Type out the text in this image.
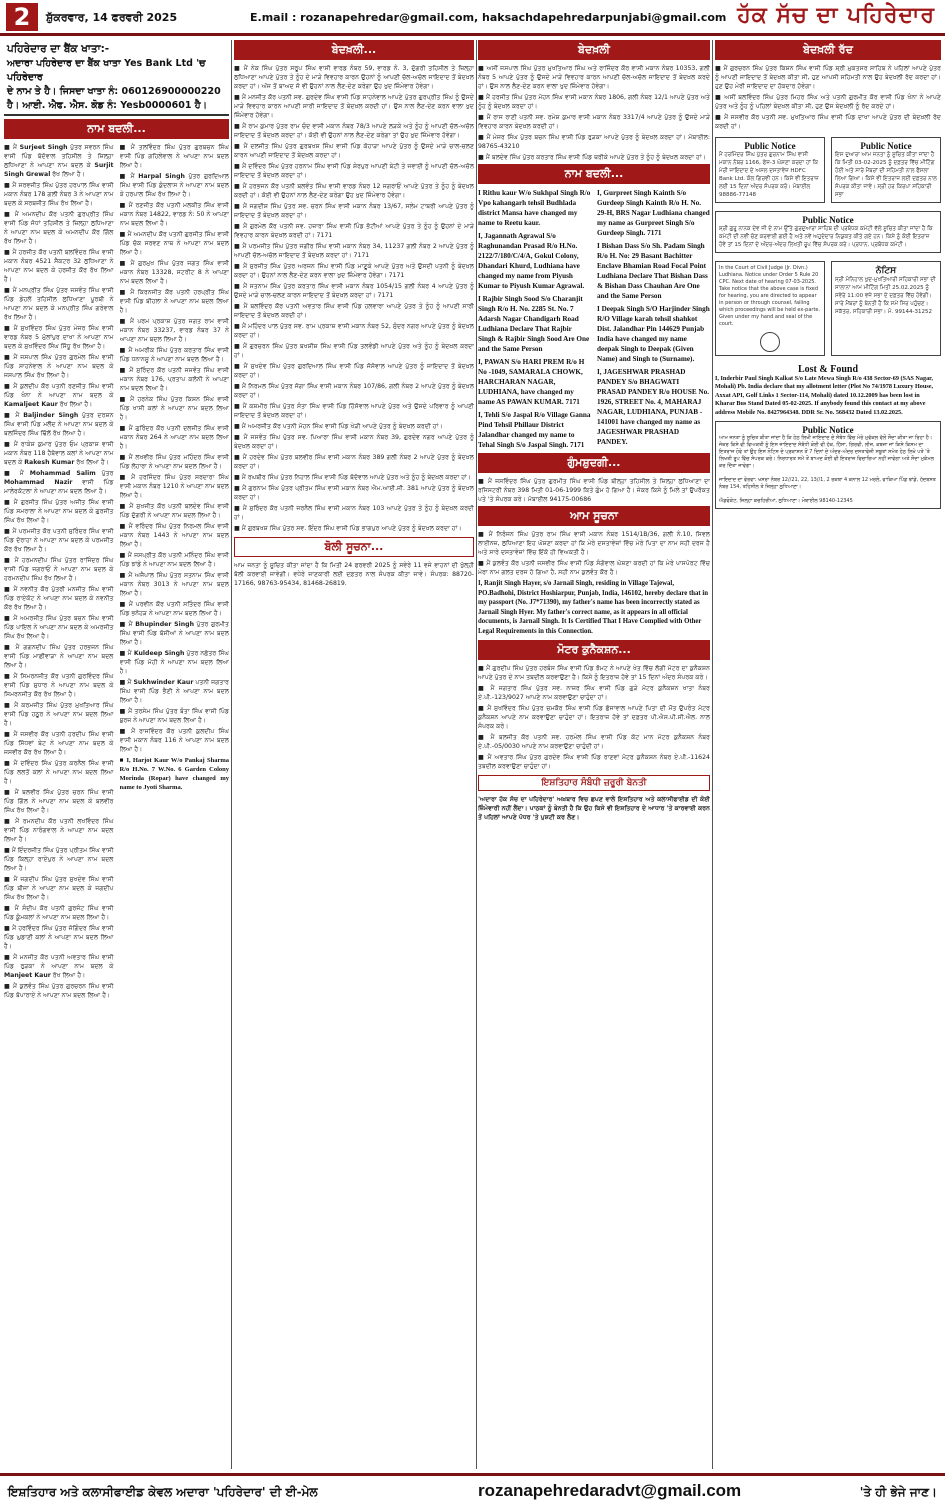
2	ਸ਼ੁੱਕਰਵਾਰ, 14 ਫਰਵਰੀ 2025	E.mail : rozanapehredar@gmail.com, haksachdapehredarpunjabi@gmail.com ਹੱਕ ਸੱਚ ਦਾ ਪਹਿਰੇਦਾਰ
ਪਹਿਰੇਦਾਰ ਦਾ ਬੈਂਕ ਖਾਤਾ:-
ਅਦਾਰਾ ਪਹਿਰੇਦਾਰ ਦਾ ਬੈਂਕ ਖਾਤਾ Yes Bank Ltd 'ਚ ਪਹਿਰੇਦਾਰ
ਦੇ ਨਾਮ ਤੇ ਹੈ। ਜਿਸਦਾ ਖਾਤਾ ਨੰ: 060126900000220
ਹੈ। ਆਈ. ਐਫ. ਐਸ. ਕੋਡ ਨੰ: Yesb0000601 ਹੈ।
ਨਾਮ ਬਦਲੀ...

■ ਮੈਂ Surjeet Singh ਪੁੱਤਰ ਸਵਰਨ ਸਿੰਘ ਵਾਸੀ ਪਿੰਡ ਬੱਦੋਵਾਲ ਤਹਿਸੀਲ ਤੇ ਜ਼ਿਲ੍ਹਾ ਲੁਧਿਆਣਾ ਨੇ ਆਪਣਾ ਨਾਮ ਬਦਲ ਕੇ Surjit Singh Grewal ਰੱਖ ਲਿਆ ਹੈ।

■ ਮੈਂ ਸਰਵਜੀਤ ਸਿੰਘ ਪੁੱਤਰ ਹਰਪਾਲ ਸਿੰਘ ਵਾਸੀ ਮਕਾਨ ਨੰਬਰ 178 ਗਲੀ ਨੰਬਰ 3 ਨੇ ਆਪਣਾ ਨਾਮ ਬਦਲ ਕੇ ਸਰਬਜੀਤ ਸਿੰਘ ਰੱਖ ਲਿਆ ਹੈ।

■ ਮੈਂ ਅਮਨਦੀਪ ਕੌਰ ਪਤਨੀ ਗੁਰਪ੍ਰੀਤ ਸਿੰਘ ਵਾਸੀ ਪਿੰਡ ਜੋਧਾਂ ਤਹਿਸੀਲ ਤੇ ਜ਼ਿਲ੍ਹਾ ਲੁਧਿਆਣਾ ਨੇ ਆਪਣਾ ਨਾਮ ਬਦਲ ਕੇ ਅਮਨਦੀਪ ਕੌਰ ਗਿੱਲ ਰੱਖ ਲਿਆ ਹੈ।

■ ਮੈਂ ਹਰਜੀਤ ਕੌਰ ਪਤਨੀ ਬਲਵਿੰਦਰ ਸਿੰਘ ਵਾਸੀ ਮਕਾਨ ਨੰਬਰ 4521 ਸੈਕਟਰ 32 ਲੁਧਿਆਣਾ ਨੇ ਆਪਣਾ ਨਾਮ ਬਦਲ ਕੇ ਹਰਜੀਤ ਕੌਰ ਰੱਖ ਲਿਆ ਹੈ।

■ ਮੈਂ ਮਨਪ੍ਰੀਤ ਸਿੰਘ ਪੁੱਤਰ ਜਸਵੰਤ ਸਿੰਘ ਵਾਸੀ ਪਿੰਡ ਡੇਹਲੋਂ ਤਹਿਸੀਲ ਲੁਧਿਆਣਾ ਪੂਰਬੀ ਨੇ ਆਪਣਾ ਨਾਮ ਬਦਲ ਕੇ ਮਨਪ੍ਰੀਤ ਸਿੰਘ ਗਰੇਵਾਲ ਰੱਖ ਲਿਆ ਹੈ।

■ ਮੈਂ ਸੁਖਵਿੰਦਰ ਸਿੰਘ ਪੁੱਤਰ ਮੇਜਰ ਸਿੰਘ ਵਾਸੀ ਵਾਰਡ ਨੰਬਰ 5 ਮੁੱਲਾਂਪੁਰ ਦਾਖਾ ਨੇ ਆਪਣਾ ਨਾਮ ਬਦਲ ਕੇ ਸੁਖਵਿੰਦਰ ਸਿੰਘ ਸਿੱਧੂ ਰੱਖ ਲਿਆ ਹੈ।

■ ਮੈਂ ਜਸਪਾਲ ਸਿੰਘ ਪੁੱਤਰ ਗੁਰਮੇਲ ਸਿੰਘ ਵਾਸੀ ਪਿੰਡ ਸਾਹਨੇਵਾਲ ਨੇ ਆਪਣਾ ਨਾਮ ਬਦਲ ਕੇ ਜਸਪਾਲ ਸਿੰਘ ਰੱਖ ਲਿਆ ਹੈ।

■ ਮੈਂ ਕੁਲਦੀਪ ਕੌਰ ਪਤਨੀ ਰਣਜੀਤ ਸਿੰਘ ਵਾਸੀ ਪਿੰਡ ਖੰਨਾ ਨੇ ਆਪਣਾ ਨਾਮ ਬਦਲ ਕੇ Kamaljeet Kaur ਰੱਖ ਲਿਆ ਹੈ।

■ ਮੈਂ Baljinder Singh ਪੁੱਤਰ ਦਰਸ਼ਨ ਸਿੰਘ ਵਾਸੀ ਪਿੰਡ ਮਲੌਦ ਨੇ ਆਪਣਾ ਨਾਮ ਬਦਲ ਕੇ ਬਲਜਿੰਦਰ ਸਿੰਘ ਢਿੱਲੋਂ ਰੱਖ ਲਿਆ ਹੈ।

■ ਮੈਂ ਰਾਕੇਸ਼ ਕੁਮਾਰ ਪੁੱਤਰ ਓਮ ਪ੍ਰਕਾਸ਼ ਵਾਸੀ ਮਕਾਨ ਨੰਬਰ 118 ਹੈਬੋਵਾਲ ਕਲਾਂ ਨੇ ਆਪਣਾ ਨਾਮ ਬਦਲ ਕੇ Rakesh Kumar ਰੱਖ ਲਿਆ ਹੈ।

■ ਮੈਂ Mohammad Salim ਪੁੱਤਰ Mohammad Nazir ਵਾਸੀ ਪਿੰਡ ਮਾਲੇਰਕੋਟਲਾ ਨੇ ਆਪਣਾ ਨਾਮ ਬਦਲ ਲਿਆ ਹੈ।

■ ਮੈਂ ਗੁਰਜੀਤ ਸਿੰਘ ਪੁੱਤਰ ਅਜੀਤ ਸਿੰਘ ਵਾਸੀ ਪਿੰਡ ਸਮਰਾਲਾ ਨੇ ਆਪਣਾ ਨਾਮ ਬਦਲ ਕੇ ਗੁਰਜੀਤ ਸਿੰਘ ਰੱਖ ਲਿਆ ਹੈ।

■ ਮੈਂ ਪਰਮਜੀਤ ਕੌਰ ਪਤਨੀ ਸੁਰਿੰਦਰ ਸਿੰਘ ਵਾਸੀ ਪਿੰਡ ਦੋਰਾਹਾ ਨੇ ਆਪਣਾ ਨਾਮ ਬਦਲ ਕੇ ਪਰਮਜੀਤ ਕੌਰ ਰੱਖ ਲਿਆ ਹੈ।

■ ਮੈਂ ਹਰਮਨਦੀਪ ਸਿੰਘ ਪੁੱਤਰ ਰਾਜਿੰਦਰ ਸਿੰਘ ਵਾਸੀ ਪਿੰਡ ਜਗਰਾਓਂ ਨੇ ਆਪਣਾ ਨਾਮ ਬਦਲ ਕੇ ਹਰਮਨਦੀਪ ਸਿੰਘ ਰੱਖ ਲਿਆ ਹੈ।

■ ਮੈਂ ਨਵਨੀਤ ਕੌਰ ਪੁੱਤਰੀ ਮਨਜੀਤ ਸਿੰਘ ਵਾਸੀ ਪਿੰਡ ਰਾਏਕੋਟ ਨੇ ਆਪਣਾ ਨਾਮ ਬਦਲ ਕੇ ਨਵਨੀਤ ਕੌਰ ਰੱਖ ਲਿਆ ਹੈ।

■ ਮੈਂ ਅਮਰਜੀਤ ਸਿੰਘ ਪੁੱਤਰ ਬਚਨ ਸਿੰਘ ਵਾਸੀ ਪਿੰਡ ਪਾਇਲ ਨੇ ਆਪਣਾ ਨਾਮ ਬਦਲ ਕੇ ਅਮਰਜੀਤ ਸਿੰਘ ਰੱਖ ਲਿਆ ਹੈ।

■ ਮੈਂ ਗਗਨਦੀਪ ਸਿੰਘ ਪੁੱਤਰ ਹਰਭਜਨ ਸਿੰਘ ਵਾਸੀ ਪਿੰਡ ਮਾਛੀਵਾੜਾ ਨੇ ਆਪਣਾ ਨਾਮ ਬਦਲ ਲਿਆ ਹੈ।

■ ਮੈਂ ਸਿਮਰਨਜੀਤ ਕੌਰ ਪਤਨੀ ਗੁਰਵਿੰਦਰ ਸਿੰਘ ਵਾਸੀ ਪਿੰਡ ਸੁਧਾਰ ਨੇ ਆਪਣਾ ਨਾਮ ਬਦਲ ਕੇ ਸਿਮਰਨਜੀਤ ਕੌਰ ਰੱਖ ਲਿਆ ਹੈ।

■ ਮੈਂ ਕਰਮਜੀਤ ਸਿੰਘ ਪੁੱਤਰ ਮੁਖਤਿਆਰ ਸਿੰਘ ਵਾਸੀ ਪਿੰਡ ਹਠੂਰ ਨੇ ਆਪਣਾ ਨਾਮ ਬਦਲ ਲਿਆ ਹੈ।

■ ਮੈਂ ਜਸਵੀਰ ਕੌਰ ਪਤਨੀ ਹਰਦੀਪ ਸਿੰਘ ਵਾਸੀ ਪਿੰਡ ਸਿੱਧਵਾਂ ਬੇਟ ਨੇ ਆਪਣਾ ਨਾਮ ਬਦਲ ਕੇ ਜਸਵੀਰ ਕੌਰ ਰੱਖ ਲਿਆ ਹੈ।

■ ਮੈਂ ਦਵਿੰਦਰ ਸਿੰਘ ਪੁੱਤਰ ਕਰਨੈਲ ਸਿੰਘ ਵਾਸੀ ਪਿੰਡ ਲਲਤੋਂ ਕਲਾਂ ਨੇ ਆਪਣਾ ਨਾਮ ਬਦਲ ਲਿਆ ਹੈ।

■ ਮੈਂ ਬਲਵੀਰ ਸਿੰਘ ਪੁੱਤਰ ਚਰਨ ਸਿੰਘ ਵਾਸੀ ਪਿੰਡ ਗਿੱਲ ਨੇ ਆਪਣਾ ਨਾਮ ਬਦਲ ਕੇ ਬਲਵੀਰ ਸਿੰਘ ਰੱਖ ਲਿਆ ਹੈ।

■ ਮੈਂ ਰਮਨਦੀਪ ਕੌਰ ਪਤਨੀ ਲਖਵਿੰਦਰ ਸਿੰਘ ਵਾਸੀ ਪਿੰਡ ਨਾਰੰਗਵਾਲ ਨੇ ਆਪਣਾ ਨਾਮ ਬਦਲ ਲਿਆ ਹੈ।

■ ਮੈਂ ਇੰਦਰਜੀਤ ਸਿੰਘ ਪੁੱਤਰ ਪ੍ਰੀਤਮ ਸਿੰਘ ਵਾਸੀ ਪਿੰਡ ਕਿਲ੍ਹਾ ਰਾਏਪੁਰ ਨੇ ਆਪਣਾ ਨਾਮ ਬਦਲ ਲਿਆ ਹੈ।

■ ਮੈਂ ਜਗਦੀਪ ਸਿੰਘ ਪੁੱਤਰ ਸੁਖਦੇਵ ਸਿੰਘ ਵਾਸੀ ਪਿੰਡ ਬੀਜਾ ਨੇ ਆਪਣਾ ਨਾਮ ਬਦਲ ਕੇ ਜਗਦੀਪ ਸਿੰਘ ਰੱਖ ਲਿਆ ਹੈ।

■ ਮੈਂ ਸੰਦੀਪ ਕੌਰ ਪਤਨੀ ਗੁਰਜੰਟ ਸਿੰਘ ਵਾਸੀ ਪਿੰਡ ਕੂੰਮਕਲਾਂ ਨੇ ਆਪਣਾ ਨਾਮ ਬਦਲ ਲਿਆ ਹੈ।

■ ਮੈਂ ਹਰਵਿੰਦਰ ਸਿੰਘ ਪੁੱਤਰ ਜੋਗਿੰਦਰ ਸਿੰਘ ਵਾਸੀ ਪਿੰਡ ਘੁਡਾਣੀ ਕਲਾਂ ਨੇ ਆਪਣਾ ਨਾਮ ਬਦਲ ਲਿਆ ਹੈ।

■ ਮੈਂ ਮਨਜੀਤ ਕੌਰ ਪਤਨੀ ਅਵਤਾਰ ਸਿੰਘ ਵਾਸੀ ਪਿੰਡ ਰੁੜਕਾ ਨੇ ਆਪਣਾ ਨਾਮ ਬਦਲ ਕੇ Manjeet Kaur ਰੱਖ ਲਿਆ ਹੈ।

■ ਮੈਂ ਕੁਲਵੰਤ ਸਿੰਘ ਪੁੱਤਰ ਗੁਰਚਰਨ ਸਿੰਘ ਵਾਸੀ ਪਿੰਡ ਬੋਪਾਰਾਏ ਨੇ ਆਪਣਾ ਨਾਮ ਬਦਲ ਲਿਆ ਹੈ।

■ ਮੈਂ ਤਲਵਿੰਦਰ ਸਿੰਘ ਪੁੱਤਰ ਗੁਰਬਚਨ ਸਿੰਘ ਵਾਸੀ ਪਿੰਡ ਗਹਿਲੇਵਾਲ ਨੇ ਆਪਣਾ ਨਾਮ ਬਦਲ ਲਿਆ ਹੈ।

■ ਮੈਂ Harpal Singh ਪੁੱਤਰ ਗੁਰਦਿਆਲ ਸਿੰਘ ਵਾਸੀ ਪਿੰਡ ਕੁੰਦਲਾਸ ਨੇ ਆਪਣਾ ਨਾਮ ਬਦਲ ਕੇ ਹਰਪਾਲ ਸਿੰਘ ਰੱਖ ਲਿਆ ਹੈ।

■ ਮੈਂ ਰਣਜੀਤ ਕੌਰ ਪਤਨੀ ਮਲਕੀਤ ਸਿੰਘ ਵਾਸੀ ਮਕਾਨ ਨੰਬਰ 14822, ਵਾਰਡ ਨੰ: 50 ਨੇ ਆਪਣਾ ਨਾਮ ਬਦਲ ਲਿਆ ਹੈ।

■ ਮੈਂ ਅਮਨਦੀਪ ਕੌਰ ਪਤਨੀ ਗੁਰਜੀਤ ਸਿੰਘ ਵਾਸੀ ਪਿੰਡ ਚੱਕ ਸਰਵਣ ਨਾਥ ਨੇ ਆਪਣਾ ਨਾਮ ਬਦਲ ਲਿਆ ਹੈ।

■ ਮੈਂ ਗੁਰਮੁਖ ਸਿੰਘ ਪੁੱਤਰ ਜਗਤ ਸਿੰਘ ਵਾਸੀ ਮਕਾਨ ਨੰਬਰ 13328, ਸਟਰੀਟ 8 ਨੇ ਆਪਣਾ ਨਾਮ ਬਦਲ ਲਿਆ ਹੈ।

■ ਮੈਂ ਕਿਰਨਜੀਤ ਕੌਰ ਪਤਨੀ ਹਰਪ੍ਰੀਤ ਸਿੰਘ ਵਾਸੀ ਪਿੰਡ ਬੀਹਲਾ ਨੇ ਆਪਣਾ ਨਾਮ ਬਦਲ ਲਿਆ ਹੈ।

■ ਮੈਂ ਪਰਮ ਪ੍ਰਕਾਸ਼ ਪੁੱਤਰ ਜਗਤ ਰਾਮ ਵਾਸੀ ਮਕਾਨ ਨੰਬਰ 33237, ਵਾਰਡ ਨੰਬਰ 37 ਨੇ ਆਪਣਾ ਨਾਮ ਬਦਲ ਲਿਆ ਹੈ।

■ ਮੈਂ ਅਮਰੀਕ ਸਿੰਘ ਪੁੱਤਰ ਕਰਤਾਰ ਸਿੰਘ ਵਾਸੀ ਪਿੰਡ ਧਨਾਨਸੂ ਨੇ ਆਪਣਾ ਨਾਮ ਬਦਲ ਲਿਆ ਹੈ।

■ ਮੈਂ ਸੁਰਿੰਦਰ ਕੌਰ ਪਤਨੀ ਜਸਵੰਤ ਸਿੰਘ ਵਾਸੀ ਮਕਾਨ ਨੰਬਰ 176, ਪ੍ਰਤਾਪ ਕਲੋਨੀ ਨੇ ਆਪਣਾ ਨਾਮ ਬਦਲ ਲਿਆ ਹੈ।

■ ਮੈਂ ਹਰਨੇਕ ਸਿੰਘ ਪੁੱਤਰ ਕਿਸ਼ਨ ਸਿੰਘ ਵਾਸੀ ਪਿੰਡ ਖਾਸੀ ਕਲਾਂ ਨੇ ਆਪਣਾ ਨਾਮ ਬਦਲ ਲਿਆ ਹੈ।

■ ਮੈਂ ਗੁਰਿੰਦਰ ਕੌਰ ਪਤਨੀ ਦਲਜੀਤ ਸਿੰਘ ਵਾਸੀ ਮਕਾਨ ਨੰਬਰ 264 ਨੇ ਆਪਣਾ ਨਾਮ ਬਦਲ ਲਿਆ ਹੈ।

■ ਮੈਂ ਲਖਵੀਰ ਸਿੰਘ ਪੁੱਤਰ ਮਹਿੰਦਰ ਸਿੰਘ ਵਾਸੀ ਪਿੰਡ ਲੋਹਾਰਾ ਨੇ ਆਪਣਾ ਨਾਮ ਬਦਲ ਲਿਆ ਹੈ।

■ ਮੈਂ ਹਰਜਿੰਦਰ ਸਿੰਘ ਪੁੱਤਰ ਸਰਦਾਰਾ ਸਿੰਘ ਵਾਸੀ ਮਕਾਨ ਨੰਬਰ 1210 ਨੇ ਆਪਣਾ ਨਾਮ ਬਦਲ ਲਿਆ ਹੈ।

■ ਮੈਂ ਸੁਖਜੀਤ ਕੌਰ ਪਤਨੀ ਬਲਦੇਵ ਸਿੰਘ ਵਾਸੀ ਪਿੰਡ ਦੁੱਗਰੀ ਨੇ ਆਪਣਾ ਨਾਮ ਬਦਲ ਲਿਆ ਹੈ।

■ ਮੈਂ ਵਰਿੰਦਰ ਸਿੰਘ ਪੁੱਤਰ ਨਿਰਮਲ ਸਿੰਘ ਵਾਸੀ ਮਕਾਨ ਨੰਬਰ 1443 ਨੇ ਆਪਣਾ ਨਾਮ ਬਦਲ ਲਿਆ ਹੈ।

■ ਮੈਂ ਜਸਪ੍ਰੀਤ ਕੌਰ ਪਤਨੀ ਮਨਿੰਦਰ ਸਿੰਘ ਵਾਸੀ ਪਿੰਡ ਝਾਂਡੇ ਨੇ ਆਪਣਾ ਨਾਮ ਬਦਲ ਲਿਆ ਹੈ।

■ ਮੈਂ ਅਜੈਪਾਲ ਸਿੰਘ ਪੁੱਤਰ ਸਤਨਾਮ ਸਿੰਘ ਵਾਸੀ ਮਕਾਨ ਨੰਬਰ 3013 ਨੇ ਆਪਣਾ ਨਾਮ ਬਦਲ ਲਿਆ ਹੈ।

■ ਮੈਂ ਪਰਵੀਨ ਕੌਰ ਪਤਨੀ ਸਤਿੰਦਰ ਸਿੰਘ ਵਾਸੀ ਪਿੰਡ ਭਨੋਹੜ ਨੇ ਆਪਣਾ ਨਾਮ ਬਦਲ ਲਿਆ ਹੈ।

■ ਮੈਂ Bhupinder Singh ਪੁੱਤਰ ਗੁਰਮੀਤ ਸਿੰਘ ਵਾਸੀ ਪਿੰਡ ਬੱਸੀਆਂ ਨੇ ਆਪਣਾ ਨਾਮ ਬਦਲ ਲਿਆ ਹੈ।

■ ਮੈਂ Kuldeep Singh ਪੁੱਤਰ ਨਛੱਤਰ ਸਿੰਘ ਵਾਸੀ ਪਿੰਡ ਮੋਹੀ ਨੇ ਆਪਣਾ ਨਾਮ ਬਦਲ ਲਿਆ ਹੈ।

■ ਮੈਂ Sukhwinder Kaur ਪਤਨੀ ਜਗਤਾਰ ਸਿੰਘ ਵਾਸੀ ਪਿੰਡ ਭੈਣੀ ਨੇ ਆਪਣਾ ਨਾਮ ਬਦਲ ਲਿਆ ਹੈ।

■ ਮੈਂ ਤਰਸੇਮ ਸਿੰਘ ਪੁੱਤਰ ਬੰਤਾ ਸਿੰਘ ਵਾਸੀ ਪਿੰਡ ਬੁਰਜ ਨੇ ਆਪਣਾ ਨਾਮ ਬਦਲ ਲਿਆ ਹੈ।

■ ਮੈਂ ਰਾਜਵਿੰਦਰ ਕੌਰ ਪਤਨੀ ਕੁਲਦੀਪ ਸਿੰਘ ਵਾਸੀ ਮਕਾਨ ਨੰਬਰ 116 ਨੇ ਆਪਣਾ ਨਾਮ ਬਦਲ ਲਿਆ ਹੈ।

■ I, Harjot Kaur W/o Pankaj Sharma R/o H.No. 7 W.No. 6 Garden Colony Morinda (Ropar) have changed my name to Jyoti Sharma.

ਬੇਦਖ਼ਲੀ...

■ ਮੈਂ ਨੇਕ ਸਿੰਘ ਪੁੱਤਰ ਸਰੂਪ ਸਿੰਘ ਵਾਸੀ ਵਾਰਡ ਨੰਬਰ 59, ਵਾਰਡ ਨੰ. 3, ਦੁੱਗਰੀ ਤਹਿਸੀਲ ਤੇ ਜ਼ਿਲ੍ਹਾ ਲੁਧਿਆਣਾ ਆਪਣੇ ਪੁੱਤਰ ਤੇ ਨੂੰਹ ਦੇ ਮਾੜੇ ਵਿਵਹਾਰ ਕਾਰਨ ਉਹਨਾਂ ਨੂੰ ਆਪਣੀ ਚੱਲ-ਅਚੱਲ ਜਾਇਦਾਦ ਤੋਂ ਬੇਦਖ਼ਲ ਕਰਦਾ ਹਾਂ। ਅੱਜ ਤੋਂ ਬਾਅਦ ਜੋ ਵੀ ਉਹਨਾਂ ਨਾਲ ਲੈਣ-ਦੇਣ ਕਰੇਗਾ ਉਹ ਖੁਦ ਜ਼ਿੰਮੇਵਾਰ ਹੋਵੇਗਾ।

■ ਮੈਂ ਮਨਜੀਤ ਕੌਰ ਪਤਨੀ ਸਵ. ਗੁਰਦੇਵ ਸਿੰਘ ਵਾਸੀ ਪਿੰਡ ਸਾਹਨੇਵਾਲ ਆਪਣੇ ਪੁੱਤਰ ਗੁਰਪ੍ਰੀਤ ਸਿੰਘ ਨੂੰ ਉਸਦੇ ਮਾੜੇ ਵਿਵਹਾਰ ਕਾਰਨ ਆਪਣੀ ਸਾਰੀ ਜਾਇਦਾਦ ਤੋਂ ਬੇਦਖ਼ਲ ਕਰਦੀ ਹਾਂ। ਉਸ ਨਾਲ ਲੈਣ-ਦੇਣ ਕਰਨ ਵਾਲਾ ਖੁਦ ਜ਼ਿੰਮੇਵਾਰ ਹੋਵੇਗਾ।

■ ਮੈਂ ਰਾਮ ਕੁਮਾਰ ਪੁੱਤਰ ਰਾਮ ਚੰਦ ਵਾਸੀ ਮਕਾਨ ਨੰਬਰ 78/3 ਆਪਣੇ ਲੜਕੇ ਅਤੇ ਨੂੰਹ ਨੂੰ ਆਪਣੀ ਚੱਲ-ਅਚੱਲ ਜਾਇਦਾਦ ਤੋਂ ਬੇਦਖ਼ਲ ਕਰਦਾ ਹਾਂ। ਕੋਈ ਵੀ ਉਹਨਾਂ ਨਾਲ ਲੈਣ-ਦੇਣ ਕਰੇਗਾ ਤਾਂ ਉਹ ਖੁਦ ਜ਼ਿੰਮੇਵਾਰ ਹੋਵੇਗਾ।

■ ਮੈਂ ਦਲਜੀਤ ਸਿੰਘ ਪੁੱਤਰ ਗੁਰਬਖਸ਼ ਸਿੰਘ ਵਾਸੀ ਪਿੰਡ ਕੋਹਾੜਾ ਆਪਣੇ ਪੁੱਤਰ ਨੂੰ ਉਸਦੇ ਮਾੜੇ ਚਾਲ-ਚਲਣ ਕਾਰਨ ਆਪਣੀ ਜਾਇਦਾਦ ਤੋਂ ਬੇਦਖ਼ਲ ਕਰਦਾ ਹਾਂ।

■ ਮੈਂ ਦਵਿੰਦਰ ਸਿੰਘ ਪੁੱਤਰ ਹਰਨਾਮ ਸਿੰਘ ਵਾਸੀ ਪਿੰਡ ਸ਼ੇਰਪੁਰ ਆਪਣੀ ਬੇਟੀ ਤੇ ਜਵਾਈ ਨੂੰ ਆਪਣੀ ਚੱਲ-ਅਚੱਲ ਜਾਇਦਾਦ ਤੋਂ ਬੇਦਖ਼ਲ ਕਰਦਾ ਹਾਂ।

■ ਮੈਂ ਹਰਭਜਨ ਕੌਰ ਪਤਨੀ ਬਲਵੰਤ ਸਿੰਘ ਵਾਸੀ ਵਾਰਡ ਨੰਬਰ 12 ਜਗਰਾਓਂ ਆਪਣੇ ਪੁੱਤਰ ਤੇ ਨੂੰਹ ਨੂੰ ਬੇਦਖ਼ਲ ਕਰਦੀ ਹਾਂ। ਕੋਈ ਵੀ ਉਹਨਾਂ ਨਾਲ ਲੈਣ-ਦੇਣ ਕਰੇਗਾ ਉਹ ਖੁਦ ਜ਼ਿੰਮੇਵਾਰ ਹੋਵੇਗਾ।

■ ਮੈਂ ਜਗਦੀਸ਼ ਸਿੰਘ ਪੁੱਤਰ ਸਵ. ਚਰਨ ਸਿੰਘ ਵਾਸੀ ਮਕਾਨ ਨੰਬਰ 13/67, ਸਲੇਮ ਟਾਬਰੀ ਆਪਣੇ ਪੁੱਤਰ ਨੂੰ ਜਾਇਦਾਦ ਤੋਂ ਬੇਦਖ਼ਲ ਕਰਦਾ ਹਾਂ।

■ ਮੈਂ ਗੁਰਮੇਲ ਕੌਰ ਪਤਨੀ ਸਵ. ਹਜ਼ਾਰਾ ਸਿੰਘ ਵਾਸੀ ਪਿੰਡ ਭੱਟੀਆਂ ਆਪਣੇ ਪੁੱਤਰ ਤੇ ਨੂੰਹ ਨੂੰ ਉਹਨਾਂ ਦੇ ਮਾੜੇ ਵਿਵਹਾਰ ਕਾਰਨ ਬੇਦਖ਼ਲ ਕਰਦੀ ਹਾਂ। 7171

■ ਮੈਂ ਪਰਮਜੀਤ ਸਿੰਘ ਪੁੱਤਰ ਜਗੀਰ ਸਿੰਘ ਵਾਸੀ ਮਕਾਨ ਨੰਬਰ 34, 11237 ਗਲੀ ਨੰਬਰ 2 ਆਪਣੇ ਪੁੱਤਰ ਨੂੰ ਆਪਣੀ ਚੱਲ-ਅਚੱਲ ਜਾਇਦਾਦ ਤੋਂ ਬੇਦਖ਼ਲ ਕਰਦਾ ਹਾਂ। 7171

■ ਮੈਂ ਸੁਰਜੀਤ ਸਿੰਘ ਪੁੱਤਰ ਅਰਜਨ ਸਿੰਘ ਵਾਸੀ ਪਿੰਡ ਮਾਣੂਕੇ ਆਪਣੇ ਪੁੱਤਰ ਅਤੇ ਉਸਦੀ ਪਤਨੀ ਨੂੰ ਬੇਦਖ਼ਲ ਕਰਦਾ ਹਾਂ। ਉਹਨਾਂ ਨਾਲ ਲੈਣ-ਦੇਣ ਕਰਨ ਵਾਲਾ ਖੁਦ ਜ਼ਿੰਮੇਵਾਰ ਹੋਵੇਗਾ। 7171

■ ਮੈਂ ਸਤਨਾਮ ਸਿੰਘ ਪੁੱਤਰ ਕਰਤਾਰ ਸਿੰਘ ਵਾਸੀ ਮਕਾਨ ਨੰਬਰ 1054/15 ਗਲੀ ਨੰਬਰ 4 ਆਪਣੇ ਪੁੱਤਰ ਨੂੰ ਉਸਦੇ ਮਾੜੇ ਚਾਲ-ਚਲਣ ਕਾਰਨ ਜਾਇਦਾਦ ਤੋਂ ਬੇਦਖ਼ਲ ਕਰਦਾ ਹਾਂ। 7171

■ ਮੈਂ ਬਲਵਿੰਦਰ ਕੌਰ ਪਤਨੀ ਅਵਤਾਰ ਸਿੰਘ ਵਾਸੀ ਪਿੰਡ ਹਲਵਾਰਾ ਆਪਣੇ ਪੁੱਤਰ ਤੇ ਨੂੰਹ ਨੂੰ ਆਪਣੀ ਸਾਰੀ ਜਾਇਦਾਦ ਤੋਂ ਬੇਦਖ਼ਲ ਕਰਦੀ ਹਾਂ।

■ ਮੈਂ ਮਹਿੰਦਰ ਪਾਲ ਪੁੱਤਰ ਸਵ. ਰਾਮ ਪ੍ਰਕਾਸ਼ ਵਾਸੀ ਮਕਾਨ ਨੰਬਰ 52, ਸੁੰਦਰ ਨਗਰ ਆਪਣੇ ਪੁੱਤਰ ਨੂੰ ਬੇਦਖ਼ਲ ਕਰਦਾ ਹਾਂ।

■ ਮੈਂ ਗੁਰਚਰਨ ਸਿੰਘ ਪੁੱਤਰ ਬਖਸ਼ੀਸ਼ ਸਿੰਘ ਵਾਸੀ ਪਿੰਡ ਤਲਵੰਡੀ ਆਪਣੇ ਪੁੱਤਰ ਅਤੇ ਨੂੰਹ ਨੂੰ ਬੇਦਖ਼ਲ ਕਰਦਾ ਹਾਂ।

■ ਮੈਂ ਸੁਖਦੇਵ ਸਿੰਘ ਪੁੱਤਰ ਗੁਰਦਿਆਲ ਸਿੰਘ ਵਾਸੀ ਪਿੰਡ ਜੱਸੋਵਾਲ ਆਪਣੇ ਪੁੱਤਰ ਨੂੰ ਜਾਇਦਾਦ ਤੋਂ ਬੇਦਖ਼ਲ ਕਰਦਾ ਹਾਂ।

■ ਮੈਂ ਨਿਰਮਲ ਸਿੰਘ ਪੁੱਤਰ ਜੋਗਾ ਸਿੰਘ ਵਾਸੀ ਮਕਾਨ ਨੰਬਰ 107/86, ਗਲੀ ਨੰਬਰ 2 ਆਪਣੇ ਪੁੱਤਰ ਨੂੰ ਬੇਦਖ਼ਲ ਕਰਦਾ ਹਾਂ।

■ ਮੈਂ ਕਸ਼ਮੀਰ ਸਿੰਘ ਪੁੱਤਰ ਸੰਤਾ ਸਿੰਘ ਵਾਸੀ ਪਿੰਡ ਹਿੱਸੋਵਾਲ ਆਪਣੇ ਪੁੱਤਰ ਅਤੇ ਉਸਦੇ ਪਰਿਵਾਰ ਨੂੰ ਆਪਣੀ ਜਾਇਦਾਦ ਤੋਂ ਬੇਦਖ਼ਲ ਕਰਦਾ ਹਾਂ।

■ ਮੈਂ ਅਮਰਜੀਤ ਕੌਰ ਪਤਨੀ ਮੋਹਨ ਸਿੰਘ ਵਾਸੀ ਪਿੰਡ ਖੇੜੀ ਆਪਣੇ ਪੁੱਤਰ ਨੂੰ ਬੇਦਖ਼ਲ ਕਰਦੀ ਹਾਂ।

■ ਮੈਂ ਜਸਵੰਤ ਸਿੰਘ ਪੁੱਤਰ ਸਵ. ਪਿਆਰਾ ਸਿੰਘ ਵਾਸੀ ਮਕਾਨ ਨੰਬਰ 39, ਗੁਰਦੇਵ ਨਗਰ ਆਪਣੇ ਪੁੱਤਰ ਨੂੰ ਬੇਦਖ਼ਲ ਕਰਦਾ ਹਾਂ।

■ ਮੈਂ ਹਰਦੇਵ ਸਿੰਘ ਪੁੱਤਰ ਬਲਵੀਰ ਸਿੰਘ ਵਾਸੀ ਮਕਾਨ ਨੰਬਰ 389 ਗਲੀ ਨੰਬਰ 2 ਆਪਣੇ ਪੁੱਤਰ ਨੂੰ ਬੇਦਖ਼ਲ ਕਰਦਾ ਹਾਂ।

■ ਮੈਂ ਰਘਬੀਰ ਸਿੰਘ ਪੁੱਤਰ ਨਿਹਾਲ ਸਿੰਘ ਵਾਸੀ ਪਿੰਡ ਬੱਦੋਵਾਲ ਆਪਣੇ ਪੁੱਤਰ ਅਤੇ ਨੂੰਹ ਨੂੰ ਬੇਦਖ਼ਲ ਕਰਦਾ ਹਾਂ।

■ ਮੈਂ ਗੁਰਨਾਮ ਸਿੰਘ ਪੁੱਤਰ ਪ੍ਰੀਤਮ ਸਿੰਘ ਵਾਸੀ ਮਕਾਨ ਨੰਬਰ ਐਮ.ਆਈ.ਜੀ. 381 ਆਪਣੇ ਪੁੱਤਰ ਨੂੰ ਬੇਦਖ਼ਲ ਕਰਦਾ ਹਾਂ।

■ ਮੈਂ ਸੁਰਿੰਦਰ ਕੌਰ ਪਤਨੀ ਜਰਨੈਲ ਸਿੰਘ ਵਾਸੀ ਮਕਾਨ ਨੰਬਰ 103 ਆਪਣੇ ਪੁੱਤਰ ਤੇ ਨੂੰਹ ਨੂੰ ਬੇਦਖ਼ਲ ਕਰਦੀ ਹਾਂ।

■ ਮੈਂ ਗੁਰਬਖਸ਼ ਸਿੰਘ ਪੁੱਤਰ ਸਵ. ਇੰਦਰ ਸਿੰਘ ਵਾਸੀ ਪਿੰਡ ਭਾਗਪੁਰ ਆਪਣੇ ਪੁੱਤਰ ਨੂੰ ਬੇਦਖ਼ਲ ਕਰਦਾ ਹਾਂ।

ਬੋਲੀ ਸੂਚਨਾ...

ਆਮ ਜਨਤਾ ਨੂੰ ਸੂਚਿਤ ਕੀਤਾ ਜਾਂਦਾ ਹੈ ਕਿ ਮਿਤੀ 24 ਫਰਵਰੀ 2025 ਨੂੰ ਸਵੇਰੇ 11 ਵਜੇ ਵਾਹਨਾਂ ਦੀ ਖੁੱਲ੍ਹੀ ਬੋਲੀ ਕਰਵਾਈ ਜਾਵੇਗੀ। ਵਧੇਰੇ ਜਾਣਕਾਰੀ ਲਈ ਦਫ਼ਤਰ ਨਾਲ ਸੰਪਰਕ ਕੀਤਾ ਜਾਵੇ। ਸੰਪਰਕ: 88720-17166, 98763-95434, 81468-26819.

ਬੇਦਖ਼ਲੀ

■ ਅਸੀਂ ਜਸਪਾਲ ਸਿੰਘ ਪੁੱਤਰ ਮੁਖਤਿਆਰ ਸਿੰਘ ਅਤੇ ਰਾਜਿੰਦਰ ਕੌਰ ਵਾਸੀ ਮਕਾਨ ਨੰਬਰ 10353, ਗਲੀ ਨੰਬਰ 5 ਆਪਣੇ ਪੁੱਤਰ ਨੂੰ ਉਸਦੇ ਮਾੜੇ ਵਿਵਹਾਰ ਕਾਰਨ ਆਪਣੀ ਚੱਲ-ਅਚੱਲ ਜਾਇਦਾਦ ਤੋਂ ਬੇਦਖ਼ਲ ਕਰਦੇ ਹਾਂ। ਉਸ ਨਾਲ ਲੈਣ-ਦੇਣ ਕਰਨ ਵਾਲਾ ਖੁਦ ਜ਼ਿੰਮੇਵਾਰ ਹੋਵੇਗਾ।

■ ਮੈਂ ਹਰਜੀਤ ਸਿੰਘ ਪੁੱਤਰ ਮੋਹਨ ਸਿੰਘ ਵਾਸੀ ਮਕਾਨ ਨੰਬਰ 1806, ਗਲੀ ਨੰਬਰ 12/1 ਆਪਣੇ ਪੁੱਤਰ ਅਤੇ ਨੂੰਹ ਨੂੰ ਬੇਦਖ਼ਲ ਕਰਦਾ ਹਾਂ।

■ ਮੈਂ ਰਾਜ ਰਾਣੀ ਪਤਨੀ ਸਵ. ਰਮੇਸ਼ ਕੁਮਾਰ ਵਾਸੀ ਮਕਾਨ ਨੰਬਰ 3317/4 ਆਪਣੇ ਪੁੱਤਰ ਨੂੰ ਉਸਦੇ ਮਾੜੇ ਵਿਵਹਾਰ ਕਾਰਨ ਬੇਦਖ਼ਲ ਕਰਦੀ ਹਾਂ।

■ ਮੈਂ ਮੇਜਰ ਸਿੰਘ ਪੁੱਤਰ ਬਚਨ ਸਿੰਘ ਵਾਸੀ ਪਿੰਡ ਰੁੜਕਾ ਆਪਣੇ ਪੁੱਤਰ ਨੂੰ ਬੇਦਖ਼ਲ ਕਰਦਾ ਹਾਂ। ਮੋਬਾਈਲ: 98765-43210

■ ਮੈਂ ਬਲਦੇਵ ਸਿੰਘ ਪੁੱਤਰ ਕਰਤਾਰ ਸਿੰਘ ਵਾਸੀ ਪਿੰਡ ਥਰੀਕੇ ਆਪਣੇ ਪੁੱਤਰ ਤੇ ਨੂੰਹ ਨੂੰ ਬੇਦਖ਼ਲ ਕਰਦਾ ਹਾਂ।

ਨਾਮ ਬਦਲੀ...

I Rithu kaur W/o Sukhpal Singh R/o Vpo kahangarh tehsil Budhlada district Mansa have changed my name to Reetu kaur.

I, Jagannath Agrawal S/o Raghunandan Prasad R/o H.No. 2122/7/180/C/4/A, Gokul Colony, Dhandari Khurd, Ludhiana have changed my name from Piyush Kumar to Piyush Kumar Agrawal.

I Rajbir Singh Sood S/o Charanjit Singh R/o H. No. 2285 St. No. 7 Adarsh Nagar Chandigarh Road Ludhiana Declare That Rajbir Singh & Rajbir Singh Sood Are One and the Same Person

I, PAWAN S/o HARI PREM R/o H No -1049, SAMARALA CHOWK, HARCHARAN NAGAR, LUDHIANA, have changed my name AS PAWAN KUMAR. 7171

I, Tehli S/o Jaspal R/o Village Ganna Pind Tehsil Phillaur District Jalandhar changed my name to Tehal Singh S/o Jaspal Singh. 7171

I, Gurpreet Singh Kainth S/o Gurdeep Singh Kainth R/o H. No. 29-H, BRS Nagar Ludhiana changed my name as Gurpreet Singh S/o Gurdeep Singh. 7171

I Bishan Dass S/o Sh. Padam Singh R/o H. No: 29 Basant Bachitter Enclave Bhamian Road Focal Point Ludhiana Declare That Bishan Dass & Bishan Dass Chauhan Are One and the Same Person

I Deepak Singh S/O Harjinder Singh R/O Village karah tehsil shahkot Dist. Jalandhar Pin 144629 Punjab India have changed my name deepak Singh to Deepak (Given Name) and Singh to (Surname).

I, JAGESHWAR PRASHAD PANDEY S/o BHAGWATI PRASAD PANDEY R/o HOUSE No. 1926, STREET No. 4, MAHARAJ NAGAR, LUDHIANA, PUNJAB - 141001 have changed my name as JAGESHWAR PRASHAD PANDEY.

ਗੁੰਮਸ਼ੁਦਗੀ...

■ ਮੈਂ ਜਸਵਿੰਦਰ ਸਿੰਘ ਪੁੱਤਰ ਗੁਰਮੀਤ ਸਿੰਘ ਵਾਸੀ ਪਿੰਡ ਬੀਲ੍ਹਾ ਤਹਿਸੀਲ ਤੇ ਜ਼ਿਲ੍ਹਾ ਲੁਧਿਆਣਾ ਦਾ ਰਜਿਸਟਰੀ ਨੰਬਰ 398 ਮਿਤੀ 01-06-1999 ਕਿਤੇ ਗੁੰਮ ਹੋ ਗਿਆ ਹੈ। ਜੇਕਰ ਕਿਸੇ ਨੂੰ ਮਿਲੇ ਤਾਂ ਉਪਰੋਕਤ ਪਤੇ 'ਤੇ ਸੰਪਰਕ ਕਰੇ। ਮੋਬਾਈਲ 94175-00686

ਆਮ ਸੂਚਨਾ

■ ਮੈਂ ਨਿਰੰਜਨ ਸਿੰਘ ਪੁੱਤਰ ਰਾਮ ਸਿੰਘ ਵਾਸੀ ਮਕਾਨ ਨੰਬਰ 1514/1B/36, ਗਲੀ ਨੰ.10, ਸਿਵਲ ਲਾਈਨਜ਼, ਲੁਧਿਆਣਾ ਇਹ ਘੋਸ਼ਣਾ ਕਰਦਾ ਹਾਂ ਕਿ ਮੇਰੇ ਦਸਤਾਵੇਜ਼ਾਂ ਵਿੱਚ ਮੇਰੇ ਪਿਤਾ ਦਾ ਨਾਮ ਸਹੀ ਦਰਜ ਹੈ ਅਤੇ ਸਾਰੇ ਦਸਤਾਵੇਜ਼ਾਂ ਵਿੱਚ ਇੱਕੋ ਹੀ ਵਿਅਕਤੀ ਹੈ।

■ ਮੈਂ ਕੁਲਵੰਤ ਕੌਰ ਪਤਨੀ ਜਸਵੀਰ ਸਿੰਘ ਵਾਸੀ ਪਿੰਡ ਸੰਗੋਵਾਲ ਘੋਸ਼ਣਾ ਕਰਦੀ ਹਾਂ ਕਿ ਮੇਰੇ ਪਾਸਪੋਰਟ ਵਿੱਚ ਮੇਰਾ ਨਾਮ ਗਲਤ ਦਰਜ ਹੋ ਗਿਆ ਹੈ, ਸਹੀ ਨਾਮ ਕੁਲਵੰਤ ਕੌਰ ਹੈ।

I, Ranjit Singh Hayer, s/o Jarnail Singh, residing in Village Tajewal, PO.Badhohi, District Hoshiarpur, Punjab, India, 146102, hereby declare that in my passport (No. J7*71390), my father's name has been incorrectly stated as Jarnail Singh Hyer. My father's correct name, as it appears in all official documents, is Jarnail Singh. It Is Certified That I Have Complied with Other Legal Requirements in this Connection.
ਮੋਟਰ ਕੁਨੈਕਸ਼ਨ...

■ ਮੈਂ ਗੁਰਦੀਪ ਸਿੰਘ ਪੁੱਤਰ ਹਰਬੰਸ ਸਿੰਘ ਵਾਸੀ ਪਿੰਡ ਝੱਮਟ ਨੇ ਆਪਣੇ ਖੇਤ ਵਿੱਚ ਲੱਗੀ ਮੋਟਰ ਦਾ ਕੁਨੈਕਸ਼ਨ ਆਪਣੇ ਪੁੱਤਰ ਦੇ ਨਾਮ ਤਬਦੀਲ ਕਰਵਾਉਣਾ ਹੈ। ਕਿਸੇ ਨੂੰ ਇਤਰਾਜ਼ ਹੋਵੇ ਤਾਂ 15 ਦਿਨਾਂ ਅੰਦਰ ਸੰਪਰਕ ਕਰੇ।

■ ਮੈਂ ਜਗਤਾਰ ਸਿੰਘ ਪੁੱਤਰ ਸਵ. ਨਾਜ਼ਰ ਸਿੰਘ ਵਾਸੀ ਪਿੰਡ ਗੁੜੇ ਮੋਟਰ ਕੁਨੈਕਸ਼ਨ ਖਾਤਾ ਨੰਬਰ ਏ.ਪੀ.-123/9027 ਆਪਣੇ ਨਾਮ ਕਰਵਾਉਣਾ ਚਾਹੁੰਦਾ ਹਾਂ।

■ ਮੈਂ ਸੁਖਵਿੰਦਰ ਸਿੰਘ ਪੁੱਤਰ ਚਮਕੌਰ ਸਿੰਘ ਵਾਸੀ ਪਿੰਡ ਛੱਜਾਵਾਲ ਆਪਣੇ ਪਿਤਾ ਦੀ ਮੌਤ ਉਪਰੰਤ ਮੋਟਰ ਕੁਨੈਕਸ਼ਨ ਆਪਣੇ ਨਾਮ ਕਰਵਾਉਣਾ ਚਾਹੁੰਦਾ ਹਾਂ। ਇਤਰਾਜ਼ ਹੋਵੇ ਤਾਂ ਦਫ਼ਤਰ ਪੀ.ਐਸ.ਪੀ.ਸੀ.ਐਲ. ਨਾਲ ਸੰਪਰਕ ਕਰੇ।

■ ਮੈਂ ਬਲਜੀਤ ਕੌਰ ਪਤਨੀ ਸਵ. ਹਰਮੇਲ ਸਿੰਘ ਵਾਸੀ ਪਿੰਡ ਕੋਟ ਮਾਨ ਮੋਟਰ ਕੁਨੈਕਸ਼ਨ ਨੰਬਰ ਏ.ਪੀ.-05/0030 ਆਪਣੇ ਨਾਮ ਕਰਵਾਉਣਾ ਚਾਹੁੰਦੀ ਹਾਂ।

■ ਮੈਂ ਅਵਤਾਰ ਸਿੰਘ ਪੁੱਤਰ ਗੁਰਦੇਵ ਸਿੰਘ ਵਾਸੀ ਪਿੰਡ ਰਾਣਵਾਂ ਮੋਟਰ ਕੁਨੈਕਸ਼ਨ ਨੰਬਰ ਏ.ਪੀ.-11624 ਤਬਦੀਲ ਕਰਵਾਉਣਾ ਚਾਹੁੰਦਾ ਹਾਂ।

ਇਸ਼ਤਿਹਾਰ ਸੰਬੰਧੀ ਜ਼ਰੂਰੀ ਬੇਨਤੀ

'ਅਦਾਰਾ ਹੱਕ ਸੱਚ ਦਾ ਪਹਿਰੇਦਾਰ' ਅਖ਼ਬਾਰ ਵਿਚ ਛਪਣ ਵਾਲੇ ਇਸ਼ਤਿਹਾਰ ਅਤੇ ਕਲਾਸੀਫਾਈਡ ਦੀ ਕੋਈ ਜ਼ਿੰਮੇਵਾਰੀ ਨਹੀਂ ਲੈਂਦਾ। ਪਾਠਕਾਂ ਨੂੰ ਬੇਨਤੀ ਹੈ ਕਿ ਉਹ ਕਿਸੇ ਵੀ ਇਸ਼ਤਿਹਾਰ ਦੇ ਆਧਾਰ 'ਤੇ ਕਾਰਵਾਈ ਕਰਨ ਤੋਂ ਪਹਿਲਾਂ ਆਪਣੇ ਪੱਧਰ 'ਤੇ ਪੁਸ਼ਟੀ ਕਰ ਲੈਣ।

ਬੇਦਖ਼ਲੀ ਰੱਦ

■ ਮੈਂ ਗੁਰਚਰਨ ਸਿੰਘ ਪੁੱਤਰ ਕਿਸ਼ਨ ਸਿੰਘ ਵਾਸੀ ਪਿੰਡ ਸ਼੍ਰੀ ਮੁਕਤਸਰ ਸਾਹਿਬ ਨੇ ਪਹਿਲਾਂ ਆਪਣੇ ਪੁੱਤਰ ਨੂੰ ਆਪਣੀ ਜਾਇਦਾਦ ਤੋਂ ਬੇਦਖ਼ਲ ਕੀਤਾ ਸੀ, ਹੁਣ ਆਪਸੀ ਸਹਿਮਤੀ ਨਾਲ ਉਹ ਬੇਦਖ਼ਲੀ ਰੱਦ ਕਰਦਾ ਹਾਂ। ਹੁਣ ਉਹ ਮੇਰੀ ਜਾਇਦਾਦ ਦਾ ਹੱਕਦਾਰ ਹੋਵੇਗਾ।

■ ਅਸੀਂ ਬਲਵਿੰਦਰ ਸਿੰਘ ਪੁੱਤਰ ਮਿਹਰ ਸਿੰਘ ਅਤੇ ਪਤਨੀ ਗੁਰਮੀਤ ਕੌਰ ਵਾਸੀ ਪਿੰਡ ਖੰਨਾ ਨੇ ਆਪਣੇ ਪੁੱਤਰ ਅਤੇ ਨੂੰਹ ਨੂੰ ਪਹਿਲਾਂ ਬੇਦਖ਼ਲ ਕੀਤਾ ਸੀ, ਹੁਣ ਉਸ ਬੇਦਖ਼ਲੀ ਨੂੰ ਰੱਦ ਕਰਦੇ ਹਾਂ।

■ ਮੈਂ ਜਸਵੀਰ ਕੌਰ ਪਤਨੀ ਸਵ. ਮੁਖਤਿਆਰ ਸਿੰਘ ਵਾਸੀ ਪਿੰਡ ਦਾਖਾ ਆਪਣੇ ਪੁੱਤਰ ਦੀ ਬੇਦਖ਼ਲੀ ਰੱਦ ਕਰਦੀ ਹਾਂ।

Public Notice
ਮੈਂ ਹਰਮਿੰਦਰ ਸਿੰਘ ਪੁੱਤਰ ਗੁਰਨਾਮ ਸਿੰਘ ਵਾਸੀ ਮਕਾਨ ਨੰਬਰ 1166, ਫੇਜ਼-3 ਘੋਸ਼ਣਾ ਕਰਦਾ ਹਾਂ ਕਿ ਮੇਰੀ ਜਾਇਦਾਦ ਦੇ ਅਸਲ ਦਸਤਾਵੇਜ਼ HDFC Bank Ltd. ਕੋਲ ਗਿਰਵੀ ਹਨ। ਕਿਸੇ ਵੀ ਇਤਰਾਜ਼ ਲਈ 15 ਦਿਨਾਂ ਅੰਦਰ ਸੰਪਰਕ ਕਰੋ। ਮੋਬਾਈਲ 98886-77148
Public Notice
ਇਸ ਦੁਆਰਾ ਆਮ ਜਨਤਾ ਨੂੰ ਸੂਚਿਤ ਕੀਤਾ ਜਾਂਦਾ ਹੈ ਕਿ ਮਿਤੀ 03-02-2025 ਨੂੰ ਦਫ਼ਤਰ ਵਿੱਚ ਮੀਟਿੰਗ ਹੋਈ ਅਤੇ ਸਾਰੇ ਮੈਂਬਰਾਂ ਦੀ ਸਹਿਮਤੀ ਨਾਲ ਫੈਸਲਾ ਲਿਆ ਗਿਆ। ਕਿਸੇ ਵੀ ਇਤਰਾਜ਼ ਲਈ ਦਫ਼ਤਰ ਨਾਲ ਸੰਪਰਕ ਕੀਤਾ ਜਾਵੇ। ਸ਼੍ਰੀ ਹਰ ਕਿਰਪਾ ਸਹਿਕਾਰੀ ਸਭਾ
Public Notice
ਸ਼੍ਰੀ ਗੁਰੂ ਨਾਨਕ ਦੇਵ ਜੀ ਦੇ ਨਾਮ ਉੱਤੇ ਗੁਰਦੁਆਰਾ ਸਾਹਿਬ ਦੀ ਪ੍ਰਬੰਧਕ ਕਮੇਟੀ ਵੱਲੋਂ ਸੂਚਿਤ ਕੀਤਾ ਜਾਂਦਾ ਹੈ ਕਿ ਕਮੇਟੀ ਦੀ ਨਵੀਂ ਚੋਣ ਕਰਵਾਈ ਗਈ ਹੈ ਅਤੇ ਨਵੇਂ ਅਹੁਦੇਦਾਰ ਨਿਯੁਕਤ ਕੀਤੇ ਗਏ ਹਨ। ਕਿਸੇ ਨੂੰ ਕੋਈ ਇਤਰਾਜ਼ ਹੋਵੇ ਤਾਂ 15 ਦਿਨਾਂ ਦੇ ਅੰਦਰ-ਅੰਦਰ ਲਿਖਤੀ ਰੂਪ ਵਿੱਚ ਸੰਪਰਕ ਕਰੇ। ਪ੍ਰਧਾਨ, ਪ੍ਰਬੰਧਕ ਕਮੇਟੀ।
In the Court of Civil Judge (Jr. Divn.) Ludhiana. Notice under Order 5 Rule 20 CPC. Next date of hearing 07-03-2025. Take notice that the above case is fixed for hearing, you are directed to appear in person or through counsel, failing which proceedings will be held ex-parte. Given under my hand and seal of the court.
ਨੋਟਿਸ
ਸ੍ਰੀ ਮੰਨਿਹਾਲ ਖੁਦ-ਮੁਖਤਿਆਰੀ ਸਹਿਕਾਰੀ ਸਭਾ ਦੀ ਸਾਲਾਨਾ ਆਮ ਮੀਟਿੰਗ ਮਿਤੀ 25.02.2025 ਨੂੰ ਸਵੇਰੇ 11:00 ਵਜੇ ਸਭਾ ਦੇ ਦਫ਼ਤਰ ਵਿੱਚ ਹੋਵੇਗੀ। ਸਾਰੇ ਮੈਂਬਰਾਂ ਨੂੰ ਬੇਨਤੀ ਹੈ ਕਿ ਸਮੇਂ ਸਿਰ ਪਹੁੰਚਣ। ਸਕੱਤਰ, ਸਹਿਕਾਰੀ ਸਭਾ। ਮੋ. 99144-31252
Lost & Found
I, Inderbir Paul Singh Kalkat S/o Late Mewa Singh R/o 438 Sector-69 (SAS Nagar, Mohali) Pb. India declare that my allotment letter (Plot No 74/1978 Luxury House, Axxat API, Golf Links 1 Sector-114, Mohali) dated 10.12.2009 has been lost in Kharar Bus Stand Dated 05-02-2025. If anybody found this contact at my above address Mobile No. 8427964348. DDR Sr. No. 568432 Dated 13.02.2025.
Public Notice
ਆਮ ਜਨਤਾ ਨੂੰ ਸੂਚਿਤ ਕੀਤਾ ਜਾਂਦਾ ਹੈ ਕਿ ਹੇਠ ਲਿਖੀ ਜਾਇਦਾਦ ਦੇ ਸੰਬੰਧ ਵਿੱਚ ਮੇਰੇ ਮੁਵੱਕਲ ਵੱਲੋਂ ਸੌਦਾ ਕੀਤਾ ਜਾ ਰਿਹਾ ਹੈ। ਜੇਕਰ ਕਿਸੇ ਵੀ ਵਿਅਕਤੀ ਨੂੰ ਇਸ ਜਾਇਦਾਦ ਸੰਬੰਧੀ ਕੋਈ ਵੀ ਹੱਕ, ਹਿੱਸਾ, ਗਿਰਵੀ, ਲੀਜ਼, ਕਬਜ਼ਾ ਜਾਂ ਕਿਸੇ ਕਿਸਮ ਦਾ ਇਤਰਾਜ਼ ਹੋਵੇ ਤਾਂ ਉਹ ਇਸ ਨੋਟਿਸ ਦੇ ਪ੍ਰਕਾਸ਼ਨ ਤੋਂ 7 ਦਿਨਾਂ ਦੇ ਅੰਦਰ-ਅੰਦਰ ਦਸਤਾਵੇਜ਼ੀ ਸਬੂਤਾਂ ਸਮੇਤ ਹੇਠ ਲਿਖੇ ਪਤੇ 'ਤੇ ਲਿਖਤੀ ਰੂਪ ਵਿੱਚ ਸੰਪਰਕ ਕਰੇ। ਨਿਰਧਾਰਤ ਸਮੇਂ ਤੋਂ ਬਾਅਦ ਕੋਈ ਵੀ ਇਤਰਾਜ਼ ਵਿਚਾਰਿਆ ਨਹੀਂ ਜਾਵੇਗਾ ਅਤੇ ਸੌਦਾ ਮੁਕੰਮਲ ਕਰ ਦਿੱਤਾ ਜਾਵੇਗਾ।

ਜਾਇਦਾਦ ਦਾ ਵੇਰਵਾ: ਖਸਰਾ ਨੰਬਰ 12//21, 22, 13//1, 2 ਰਕਬਾ 4 ਕਨਾਲ 12 ਮਰਲੇ, ਵਾਕਿਆ ਪਿੰਡ ਝਾਂਡੇ, ਹੱਦਬਸਤ ਨੰਬਰ 154, ਤਹਿਸੀਲ ਤੇ ਜ਼ਿਲ੍ਹਾ ਲੁਧਿਆਣਾ।

ਐਡਵੋਕੇਟ, ਜ਼ਿਲ੍ਹਾ ਕਚਹਿਰੀਆਂ, ਲੁਧਿਆਣਾ। ਮੋਬਾਈਲ 98140-12345
ਇਸ਼ਤਿਹਾਰ ਅਤੇ ਕਲਾਸੀਫਾਈਡ ਕੇਵਲ ਅਦਾਰਾ 'ਪਹਿਰੇਦਾਰ' ਦੀ ਈ-ਮੇਲ	rozanapehredaradvt@gmail.com	'ਤੇ ਹੀ ਭੇਜੇ ਜਾਣ।
